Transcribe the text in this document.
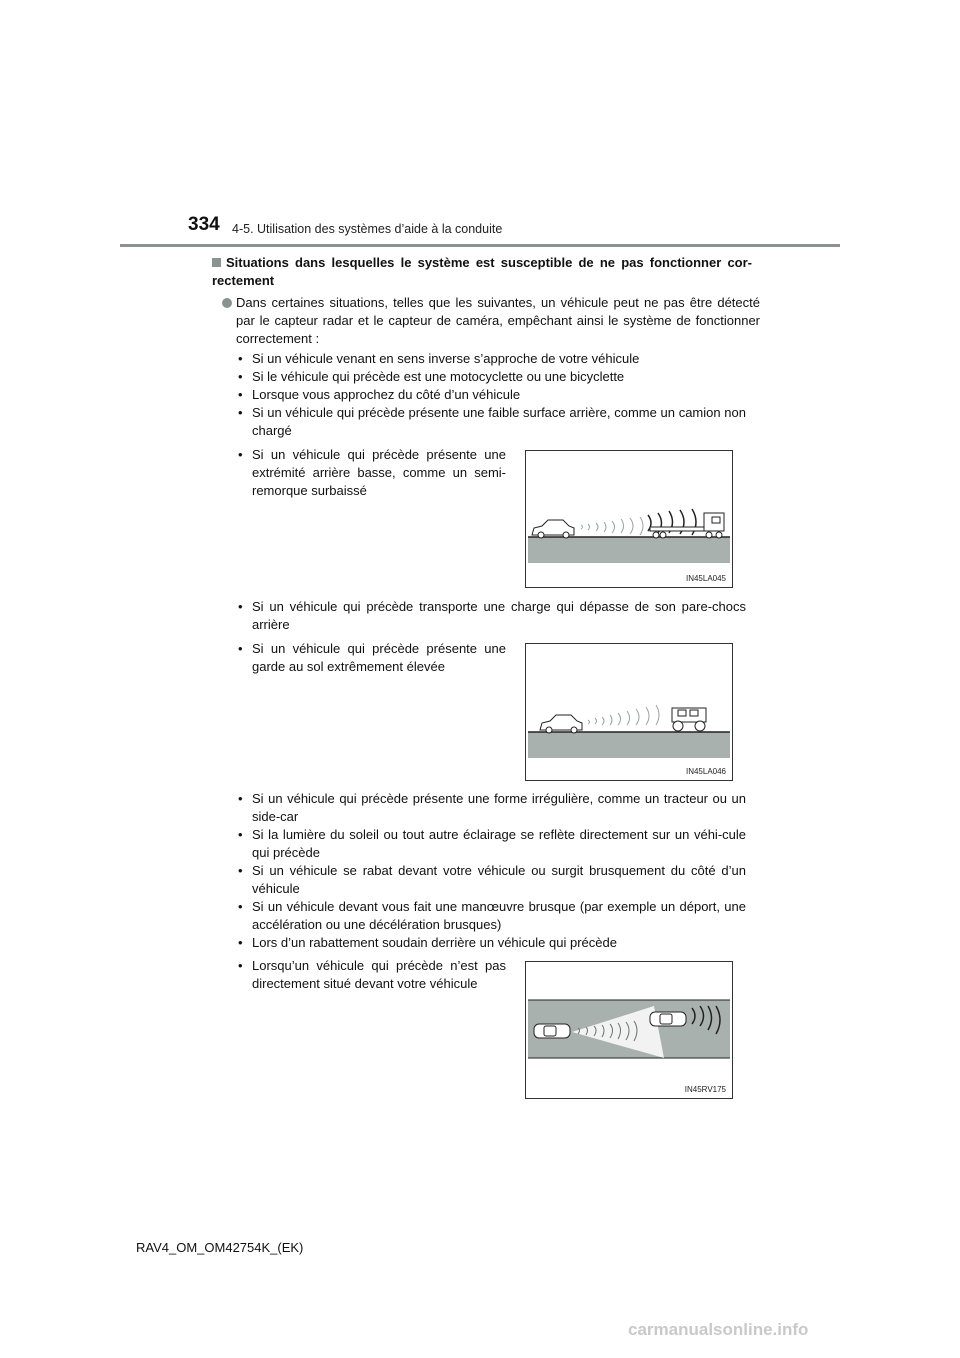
334 4-5. Utilisation des systèmes d’aide à la conduite
Situations dans lesquelles le système est susceptible de ne pas fonctionner cor-rectement
Dans certaines situations, telles que les suivantes, un véhicule peut ne pas être détecté par le capteur radar et le capteur de caméra, empêchant ainsi le système de fonctionner correctement :
• Si un véhicule venant en sens inverse s’approche de votre véhicule
• Si le véhicule qui précède est une motocyclette ou une bicyclette
• Lorsque vous approchez du côté d’un véhicule
• Si un véhicule qui précède présente une faible surface arrière, comme un camion non chargé
• Si un véhicule qui précède présente une extrémité arrière basse, comme un semi-remorque surbaissé
IN45LA045
• Si un véhicule qui précède transporte une charge qui dépasse de son pare-chocs arrière
• Si un véhicule qui précède présente une garde au sol extrêmement élevée
IN45LA046
• Si un véhicule qui précède présente une forme irrégulière, comme un tracteur ou un side-car
• Si la lumière du soleil ou tout autre éclairage se reflète directement sur un véhi-cule qui précède
• Si un véhicule se rabat devant votre véhicule ou surgit brusquement du côté d’un véhicule
• Si un véhicule devant vous fait une manœuvre brusque (par exemple un déport, une accélération ou une décélération brusques)
• Lors d’un rabattement soudain derrière un véhicule qui précède
• Lorsqu’un véhicule qui précède n’est pas directement situé devant votre véhicule
IN45RV175
RAV4_OM_OM42754K_(EK)
carmanualsonline.info
